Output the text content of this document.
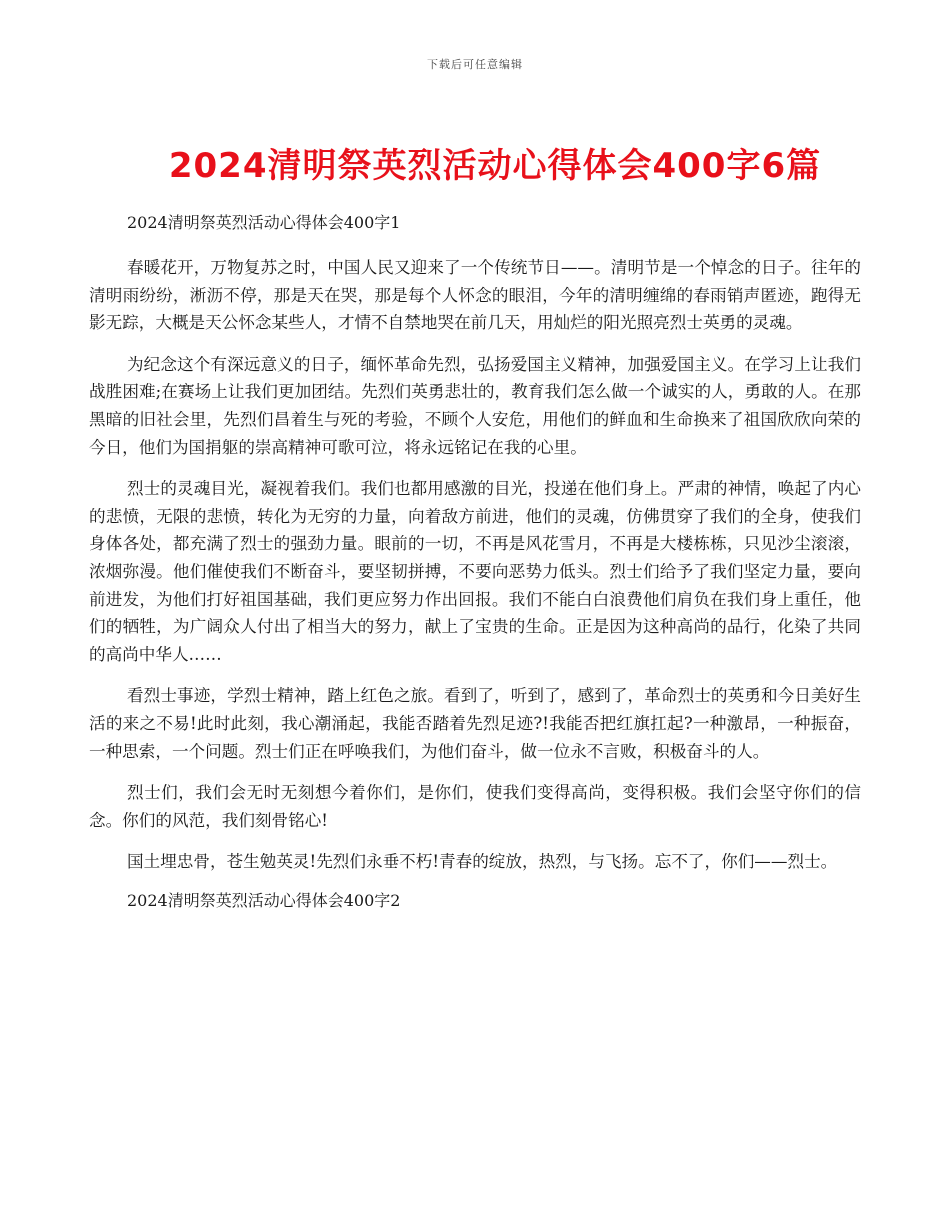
下载后可任意编辑
2024清明祭英烈活动心得体会400字6篇

2024清明祭英烈活动心得体会400字1

春暖花开，万物复苏之时，中国人民又迎来了一个传统节日——。清明节是一个悼念的日子。往年的清明雨纷纷，淅沥不停，那是天在哭，那是每个人怀念的眼泪，今年的清明缠绵的春雨销声匿迹，跑得无影无踪，大概是天公怀念某些人，才情不自禁地哭在前几天，用灿烂的阳光照亮烈士英勇的灵魂。

为纪念这个有深远意义的日子，缅怀革命先烈，弘扬爱国主义精神，加强爱国主义。在学习上让我们战胜困难;在赛场上让我们更加团结。先烈们英勇悲壮的，教育我们怎么做一个诚实的人，勇敢的人。在那黑暗的旧社会里，先烈们昌着生与死的考验，不顾个人安危，用他们的鲜血和生命换来了祖国欣欣向荣的今日，他们为国捐躯的崇高精神可歌可泣，将永远铭记在我的心里。

烈士的灵魂目光，凝视着我们。我们也都用感激的目光，投递在他们身上。严肃的神情，唤起了内心的悲愤，无限的悲愤，转化为无穷的力量，向着敌方前进，他们的灵魂，仿佛贯穿了我们的全身，使我们身体各处，都充满了烈士的强劲力量。眼前的一切，不再是风花雪月，不再是大楼栋栋，只见沙尘滚滚，浓烟弥漫。他们催使我们不断奋斗，要坚韧拼搏，不要向恶势力低头。烈士们给予了我们坚定力量，要向前进发，为他们打好祖国基础，我们更应努力作出回报。我们不能白白浪费他们肩负在我们身上重任，他们的牺牲，为广阔众人付出了相当大的努力，献上了宝贵的生命。正是因为这种高尚的品行，化染了共同的高尚中华人……

看烈士事迹，学烈士精神，踏上红色之旅。看到了，听到了，感到了，革命烈士的英勇和今日美好生活的来之不易!此时此刻，我心潮涌起，我能否踏着先烈足迹?!我能否把红旗扛起?一种激昂，一种振奋，一种思索，一个问题。烈士们正在呼唤我们，为他们奋斗，做一位永不言败，积极奋斗的人。

烈士们，我们会无时无刻想今着你们，是你们，使我们变得高尚，变得积极。我们会坚守你们的信念。你们的风范，我们刻骨铭心!

国土埋忠骨，苍生勉英灵!先烈们永垂不朽!青春的绽放，热烈，与飞扬。忘不了，你们——烈士。

2024清明祭英烈活动心得体会400字2
